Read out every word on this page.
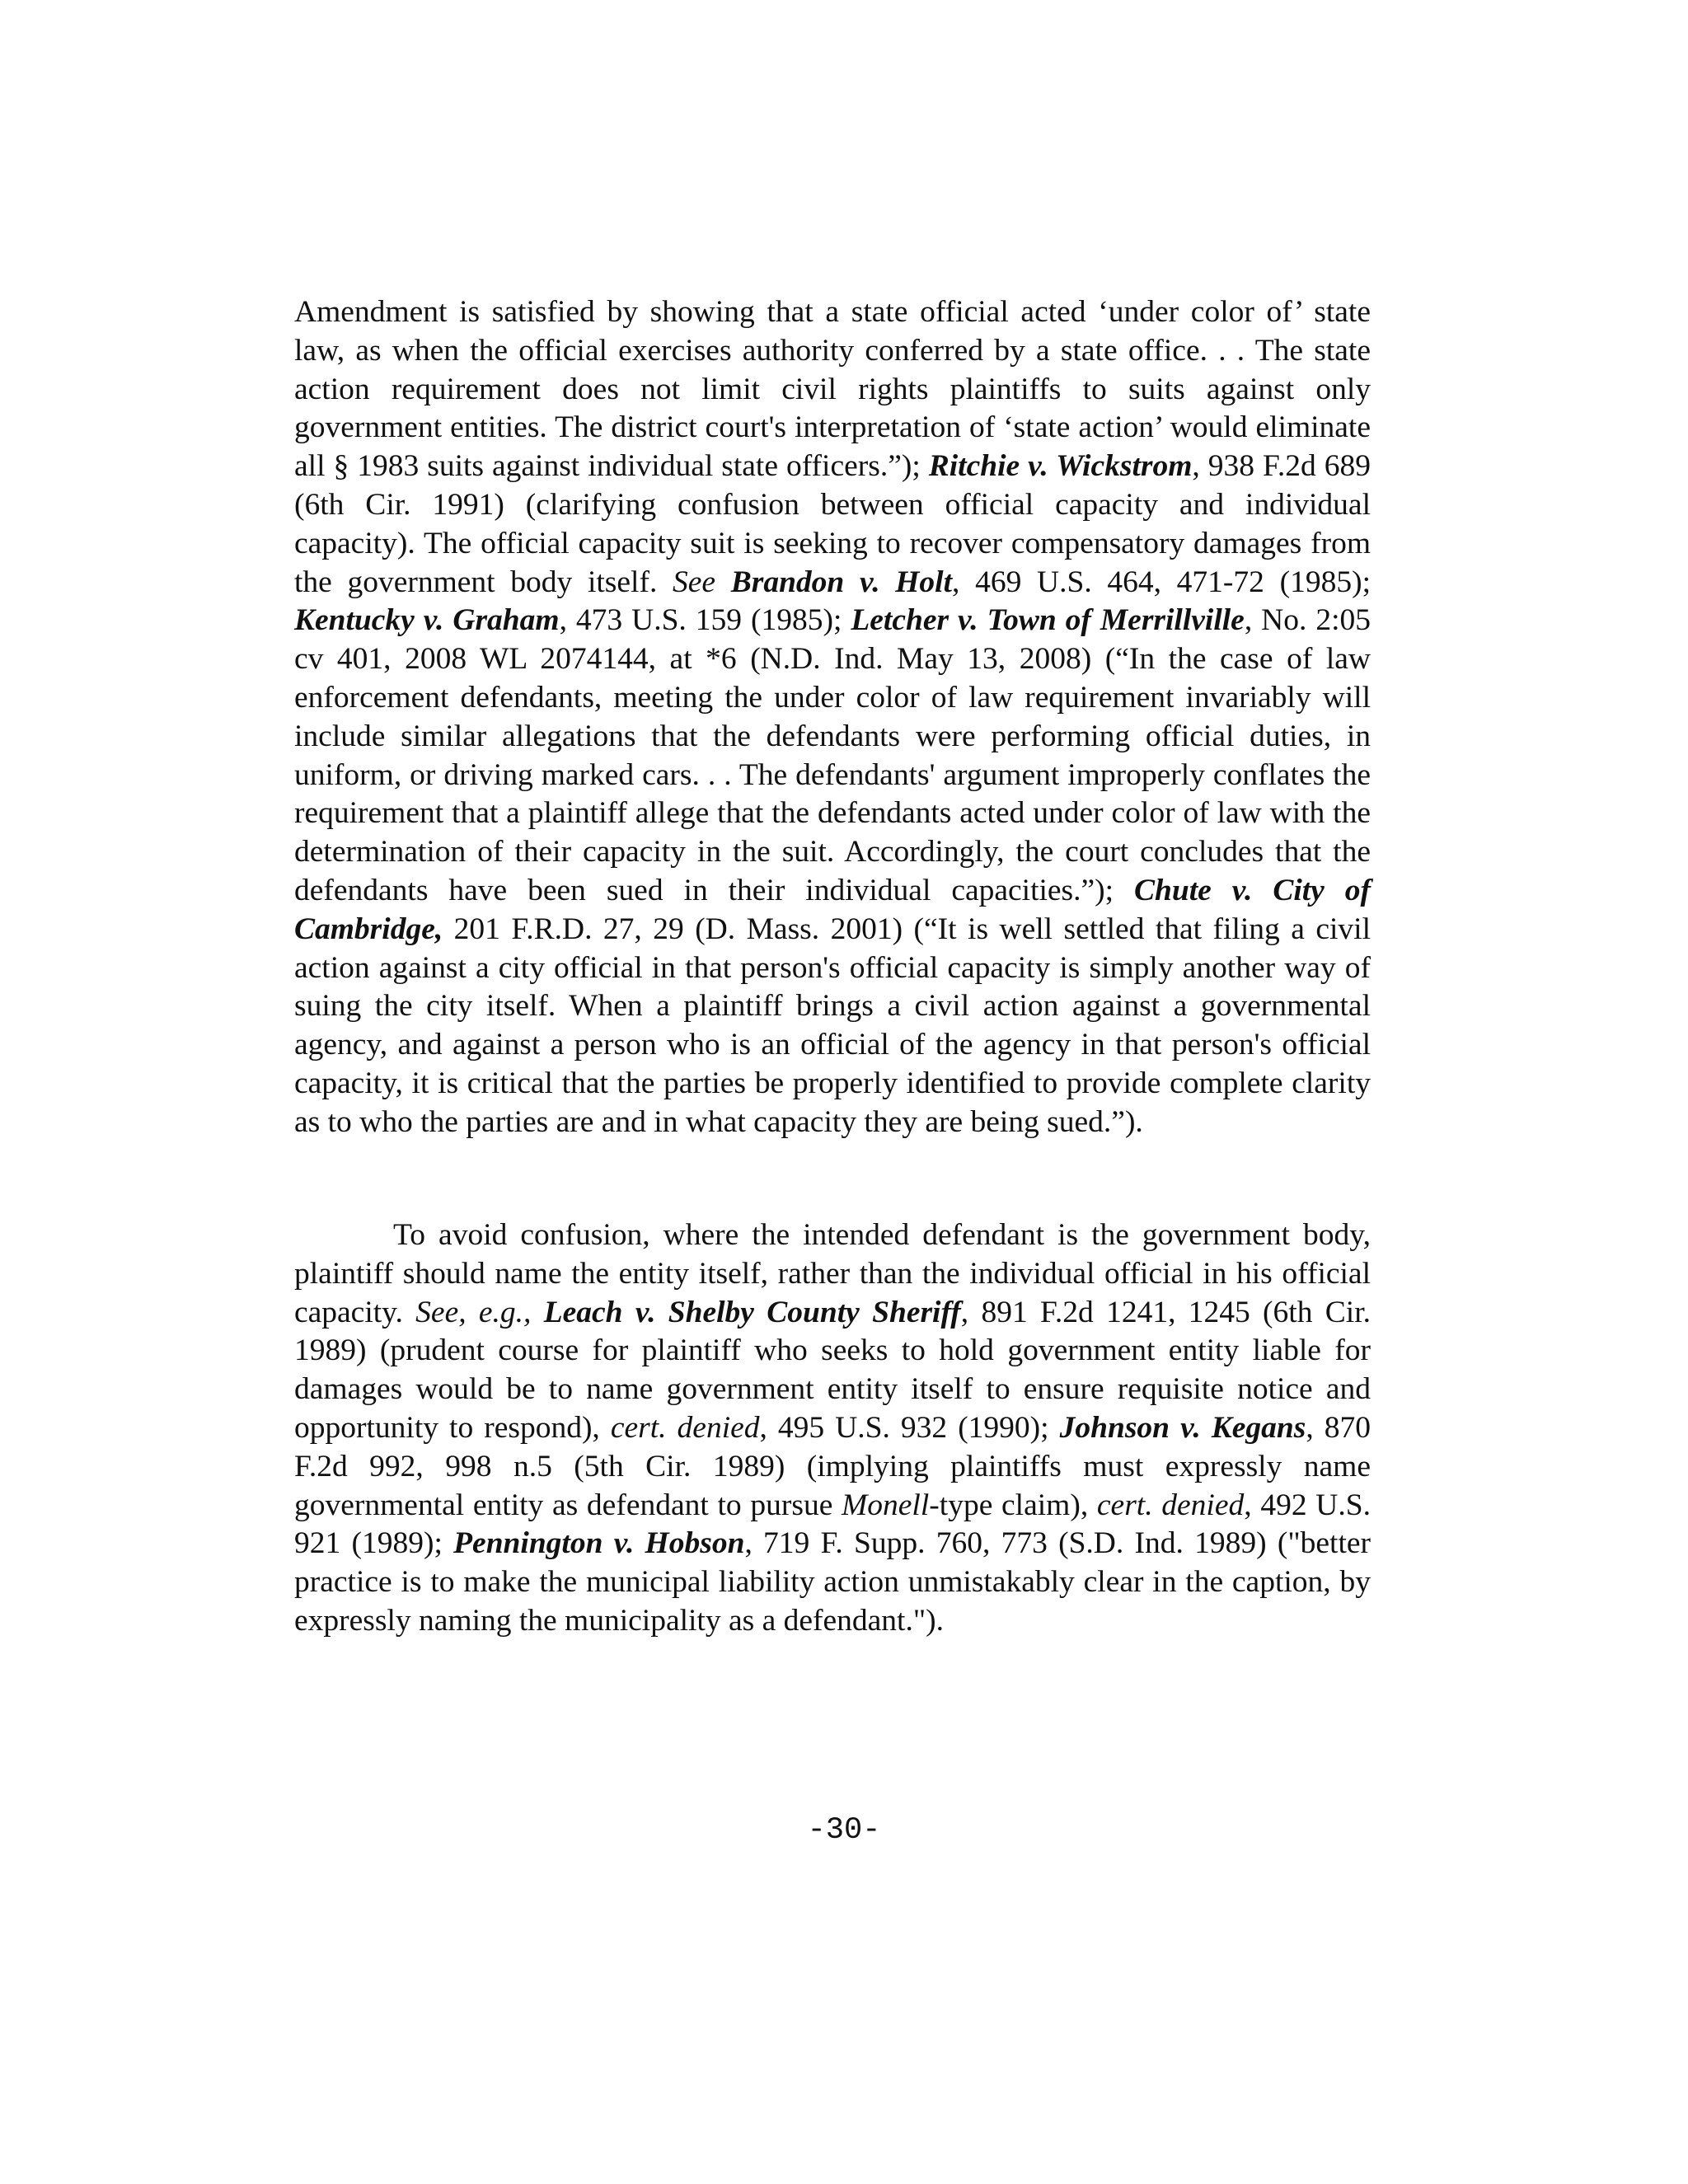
Amendment is satisfied by showing that a state official acted ‘under color of’ state law, as when the official exercises authority conferred by a state office. . . The state action requirement does not limit civil rights plaintiffs to suits against only government entities. The district court's interpretation of ‘state action’ would eliminate all § 1983 suits against individual state officers.”); Ritchie v. Wickstrom, 938 F.2d 689 (6th Cir. 1991) (clarifying confusion between official capacity and individual capacity). The official capacity suit is seeking to recover compensatory damages from the government body itself. See Brandon v. Holt, 469 U.S. 464, 471-72 (1985); Kentucky v. Graham, 473 U.S. 159 (1985); Letcher v. Town of Merrillville, No. 2:05 cv 401, 2008 WL 2074144, at *6 (N.D. Ind. May 13, 2008) (“In the case of law enforcement defendants, meeting the under color of law requirement invariably will include similar allegations that the defendants were performing official duties, in uniform, or driving marked cars. . . The defendants' argument improperly conflates the requirement that a plaintiff allege that the defendants acted under color of law with the determination of their capacity in the suit. Accordingly, the court concludes that the defendants have been sued in their individual capacities.”); Chute v. City of Cambridge, 201 F.R.D. 27, 29 (D. Mass. 2001) (“It is well settled that filing a civil action against a city official in that person's official capacity is simply another way of suing the city itself. When a plaintiff brings a civil action against a governmental agency, and against a person who is an official of the agency in that person's official capacity, it is critical that the parties be properly identified to provide complete clarity as to who the parties are and in what capacity they are being sued.”).
To avoid confusion, where the intended defendant is the government body, plaintiff should name the entity itself, rather than the individual official in his official capacity. See, e.g., Leach v. Shelby County Sheriff, 891 F.2d 1241, 1245 (6th Cir. 1989) (prudent course for plaintiff who seeks to hold government entity liable for damages would be to name government entity itself to ensure requisite notice and opportunity to respond), cert. denied, 495 U.S. 932 (1990); Johnson v. Kegans, 870 F.2d 992, 998 n.5 (5th Cir. 1989) (implying plaintiffs must expressly name governmental entity as defendant to pursue Monell-type claim), cert. denied, 492 U.S. 921 (1989); Pennington v. Hobson, 719 F. Supp. 760, 773 (S.D. Ind. 1989) ("better practice is to make the municipal liability action unmistakably clear in the caption, by expressly naming the municipality as a defendant.").
-30-
